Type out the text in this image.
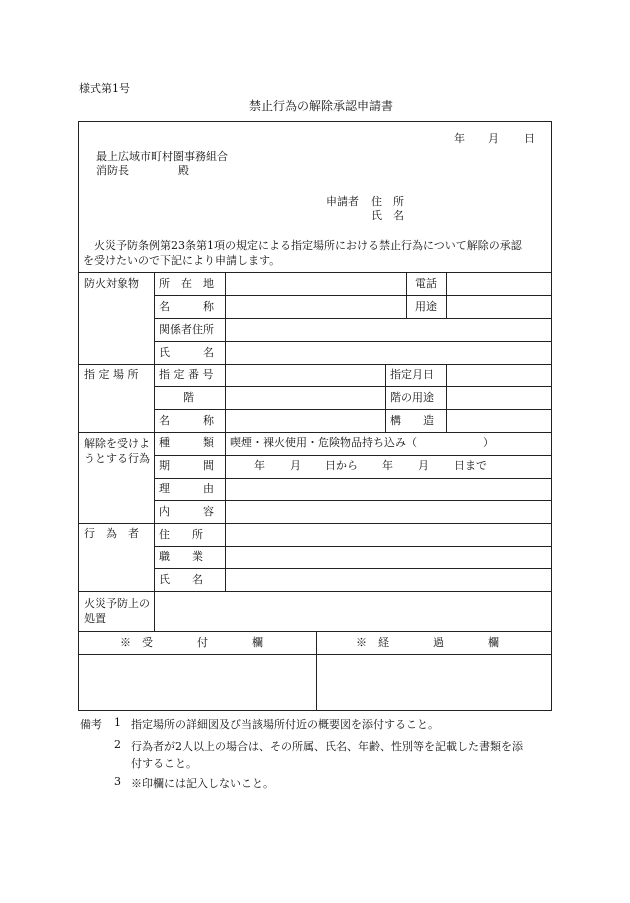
様式第1号
禁止行為の解除承認申請書
年 月 日
最上広域市町村圏事務組合
消防長	殿
申請者 住　所
氏　名
火災予防条例第23条第1項の規定による指定場所における禁止行為について解除の承認
を受けたいので下記により申請します。
防火対象物 所　在　地	電話
名　　　称	用途
関係者住所
氏　　　名
指 定 場 所 指 定 番 号	指定月日
階	階の用途
名　　　称	構　　造
解除を受けようとする行為
種　　　類 喫煙・裸火使用・危険物品持ち込み（　　　　　　）
期　　　間	年 月 日から 年 月 日まで
理　　　由
内　　　容
行　為　者 住　　所
職　　業
氏　　名
火災予防上の処置
※　受　　　　付　　　　欄	※　経　　　　過　　　　欄
備考 1 指定場所の詳細図及び当該場所付近の概要図を添付すること。
2 行為者が2人以上の場合は、その所属、氏名、年齢、性別等を記載した書類を添
付すること。
3 ※印欄には記入しないこと。
